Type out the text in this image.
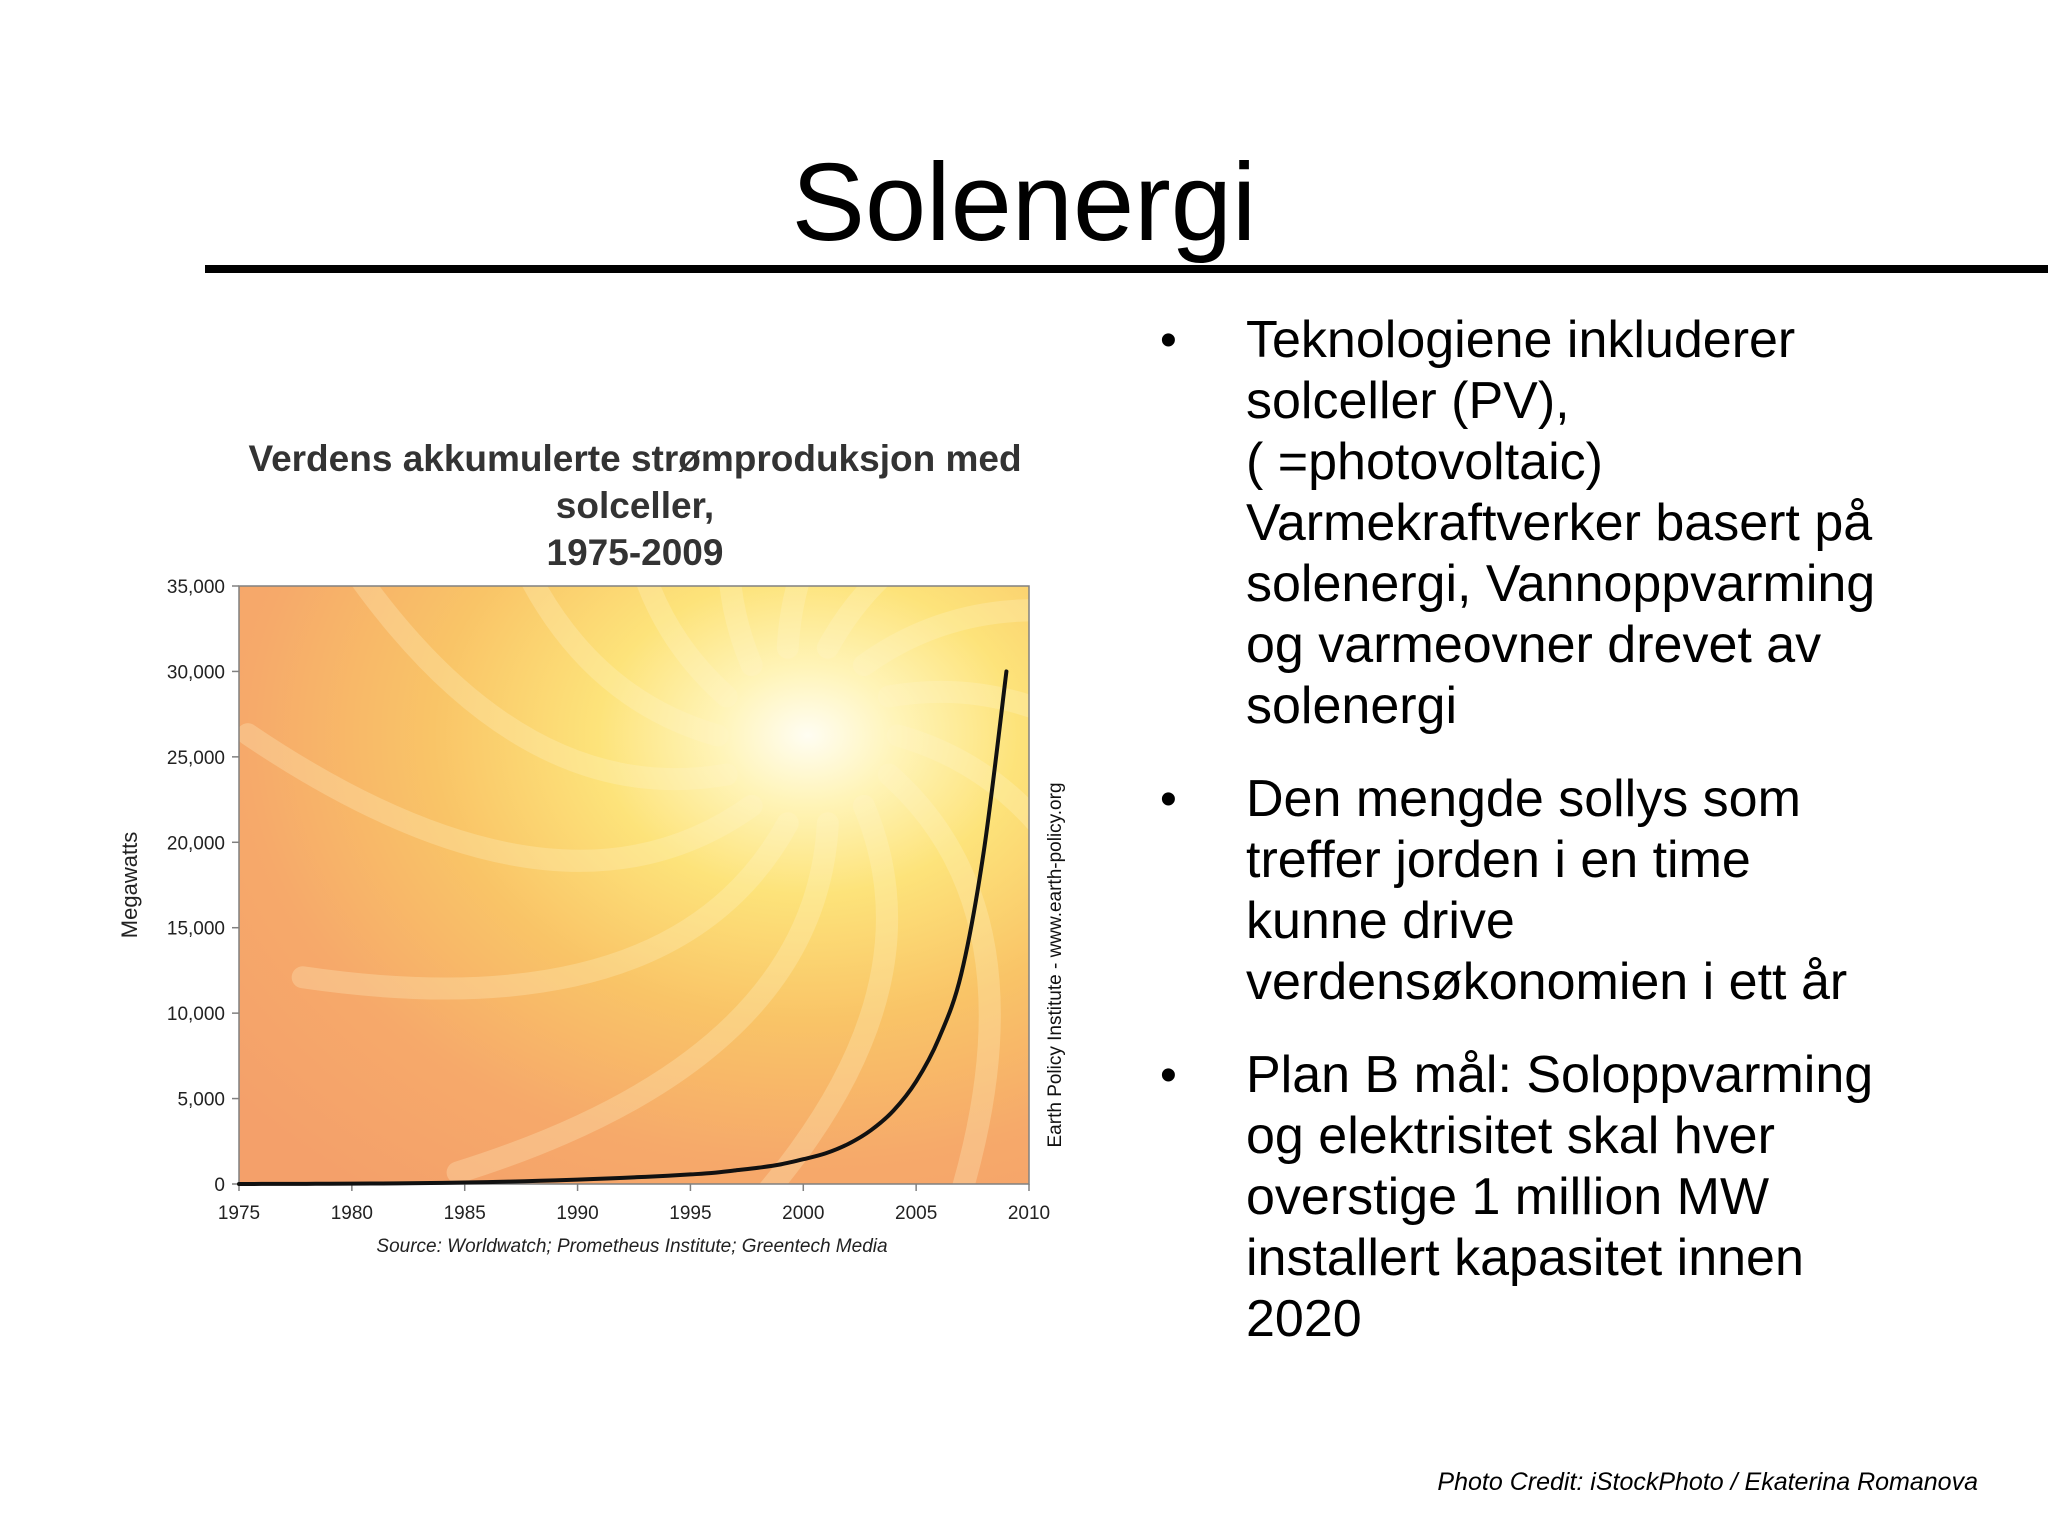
Solenergi
Verdens akkumulerte strømproduksjon med
solceller,
1975-2009
0
5,000
10,000
15,000
20,000
25,000
30,000
35,000
1975	1980	1985	1990	1995	2000	2005	2010
Megawatts	Earth Policy Institute - www.earth-policy.org
Source: Worldwatch; Prometheus Institute; Greentech Media
• Teknologiene inkluderer
solceller (PV),
( =photovoltaic)
Varmekraftverker basert på
solenergi, Vannoppvarming
og varmeovner drevet av
solenergi
• Den mengde sollys som
treffer jorden i en time
kunne drive
verdensøkonomien i ett år
• Plan B mål: Soloppvarming
og elektrisitet skal hver
overstige 1 million MW
installert kapasitet innen
2020
Photo Credit: iStockPhoto / Ekaterina Romanova
